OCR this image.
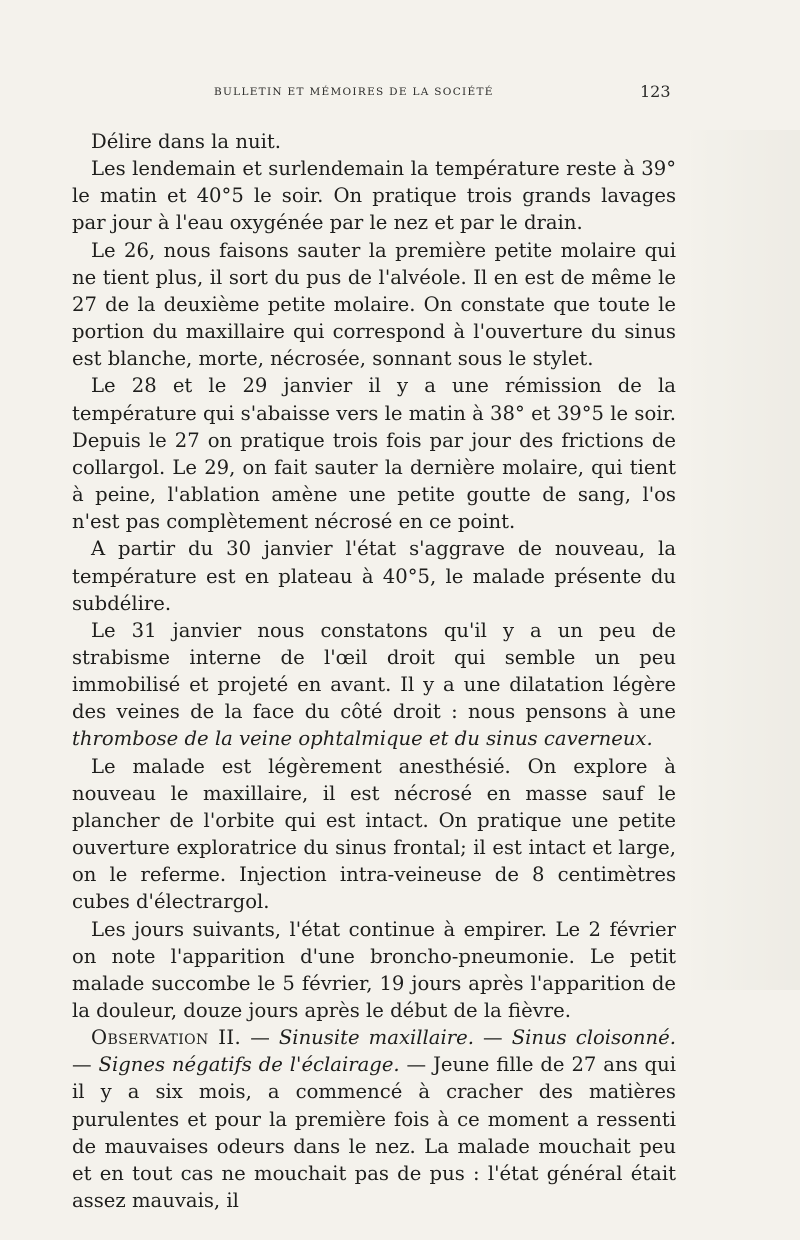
BULLETIN ET MÉMOIRES DE LA SOCIÉTÉ	123

Délire dans la nuit.

Les lendemain et surlendemain la température reste à 39° le matin et 40°5 le soir. On pratique trois grands lavages par jour à l'eau oxygénée par le nez et par le drain.

Le 26, nous faisons sauter la première petite molaire qui ne tient plus, il sort du pus de l'alvéole. Il en est de même le 27 de la deuxième petite molaire. On constate que toute le portion du maxillaire qui correspond à l'ouverture du sinus est blanche, morte, nécrosée, sonnant sous le stylet.

Le 28 et le 29 janvier il y a une rémission de la température qui s'abaisse vers le matin à 38° et 39°5 le soir. Depuis le 27 on pratique trois fois par jour des frictions de collargol. Le 29, on fait sauter la dernière molaire, qui tient à peine, l'ablation amène une petite goutte de sang, l'os n'est pas complètement nécrosé en ce point.

A partir du 30 janvier l'état s'aggrave de nouveau, la température est en plateau à 40°5, le malade présente du subdélire.

Le 31 janvier nous constatons qu'il y a un peu de strabisme interne de l'œil droit qui semble un peu immobilisé et projeté en avant. Il y a une dilatation légère des veines de la face du côté droit : nous pensons à une thrombose de la veine ophtalmique et du sinus caverneux.

Le malade est légèrement anesthésié. On explore à nouveau le maxillaire, il est nécrosé en masse sauf le plancher de l'orbite qui est intact. On pratique une petite ouverture exploratrice du sinus frontal; il est intact et large, on le referme. Injection intra-veineuse de 8 centimètres cubes d'électrargol.

Les jours suivants, l'état continue à empirer. Le 2 février on note l'apparition d'une broncho-pneumonie. Le petit malade succombe le 5 février, 19 jours après l'apparition de la douleur, douze jours après le début de la fièvre.

Observation II. — Sinusite maxillaire. — Sinus cloisonné. — Signes négatifs de l'éclairage. — Jeune fille de 27 ans qui il y a six mois, a commencé à cracher des matières purulentes et pour la première fois à ce moment a ressenti de mauvaises odeurs dans le nez. La malade mouchait peu et en tout cas ne mouchait pas de pus : l'état général était assez mauvais, il
